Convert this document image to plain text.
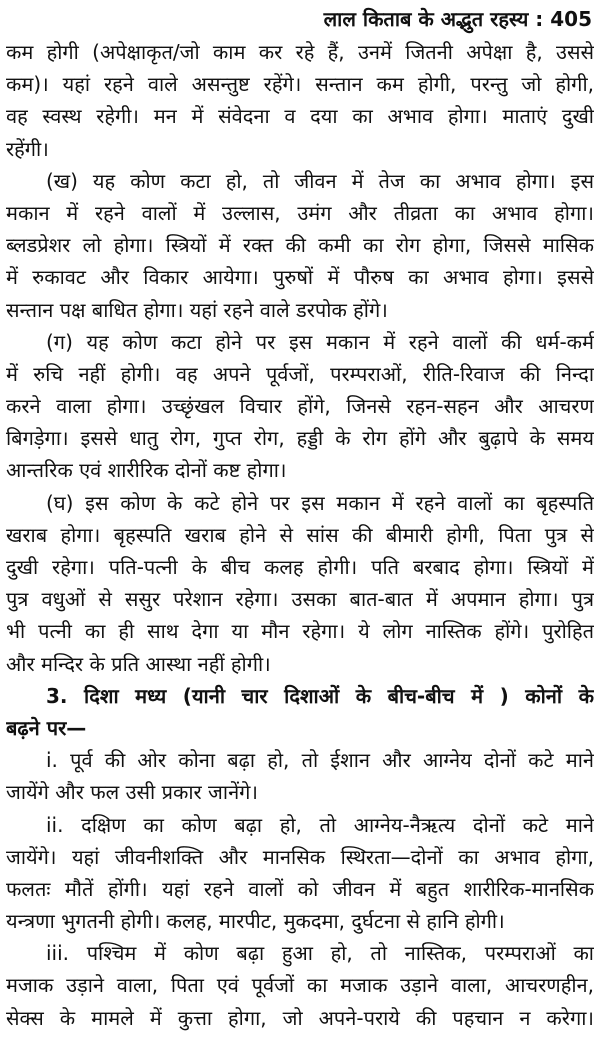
लाल किताब के अद्भुत रहस्य : 405
कम होगी (अपेक्षाकृत/जो काम कर रहे हैं, उनमें जितनी अपेक्षा है, उससे
कम)। यहां रहने वाले असन्तुष्ट रहेंगे। सन्तान कम होगी, परन्तु जो होगी,
वह स्वस्थ रहेगी। मन में संवेदना व दया का अभाव होगा। माताएं दुखी
रहेंगी।
(ख) यह कोण कटा हो, तो जीवन में तेज का अभाव होगा। इस
मकान में रहने वालों में उल्लास, उमंग और तीव्रता का अभाव होगा।
ब्लडप्रेशर लो होगा। स्त्रियों में रक्त की कमी का रोग होगा, जिससे मासिक
में रुकावट और विकार आयेगा। पुरुषों में पौरुष का अभाव होगा। इससे
सन्तान पक्ष बाधित होगा। यहां रहने वाले डरपोक होंगे।
(ग) यह कोण कटा होने पर इस मकान में रहने वालों की धर्म-कर्म
में रुचि नहीं होगी। वह अपने पूर्वजों, परम्पराओं, रीति-रिवाज की निन्दा
करने वाला होगा। उच्छृंखल विचार होंगे, जिनसे रहन-सहन और आचरण
बिगड़ेगा। इससे धातु रोग, गुप्त रोग, हड्डी के रोग होंगे और बुढ़ापे के समय
आन्तरिक एवं शारीरिक दोनों कष्ट होगा।
(घ) इस कोण के कटे होने पर इस मकान में रहने वालों का बृहस्पति
खराब होगा। बृहस्पति खराब होने से सांस की बीमारी होगी, पिता पुत्र से
दुखी रहेगा। पति-पत्नी के बीच कलह होगी। पति बरबाद होगा। स्त्रियों में
पुत्र वधुओं से ससुर परेशान रहेगा। उसका बात-बात में अपमान होगा। पुत्र
भी पत्नी का ही साथ देगा या मौन रहेगा। ये लोग नास्तिक होंगे। पुरोहित
और मन्दिर के प्रति आस्था नहीं होगी।
3. दिशा मध्य (यानी चार दिशाओं के बीच-बीच में ) कोनों के
बढ़ने पर—
i. पूर्व की ओर कोना बढ़ा हो, तो ईशान और आग्नेय दोनों कटे माने
जायेंगे और फल उसी प्रकार जानेंगे।
ii. दक्षिण का कोण बढ़ा हो, तो आग्नेय-नैऋत्य दोनों कटे माने
जायेंगे। यहां जीवनीशक्ति और मानसिक स्थिरता—दोनों का अभाव होगा,
फलतः मौतें होंगी। यहां रहने वालों को जीवन में बहुत शारीरिक-मानसिक
यन्त्रणा भुगतनी होगी। कलह, मारपीट, मुकदमा, दुर्घटना से हानि होगी।
iii. पश्चिम में कोण बढ़ा हुआ हो, तो नास्तिक, परम्पराओं का
मजाक उड़ाने वाला, पिता एवं पूर्वजों का मजाक उड़ाने वाला, आचरणहीन,
सेक्स के मामले में कुत्ता होगा, जो अपने-पराये की पहचान न करेगा।
